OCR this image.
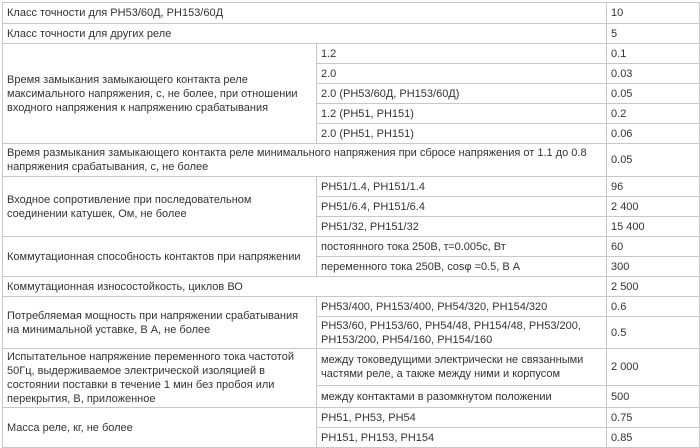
Класс точности для РН53/60Д, РН153/60Д		10
Класс точности для других реле		5
Время замыкания замыкающего контакта реле максимального напряжения, с, не более, при отношении входного напряжения к напряжению срабатывания	1.2	0.1
	2.0	0.03
	2.0 (РН53/60Д, РН153/60Д)	0.05
	1.2 (РН51, РН151)	0.2
	2.0 (РН51, РН151)	0.06
Время размыкания замыкающего контакта реле минимального напряжения при сбросе напряжения от 1.1 до 0.8 напряжения срабатывания, с, не более		0.05
Входное сопротивление при последовательном соединении катушек, Ом, не более	РН51/1.4, РН151/1.4	96
	РН51/6.4, РН151/6.4	2 400
	РН51/32, РН151/32	15 400
Коммутационная способность контактов при напряжении	постоянного тока 250В, τ=0.005с, Вт	60
	переменного тока 250В, cosφ =0.5, В А	300
Коммутационная износостойкость, циклов ВО		2 500
Потребляемая мощность при напряжении срабатывания на минимальной уставке, В А, не более	РН53/400, РН153/400, РН54/320, РН154/320	0.6
	РН53/60, РН153/60, РН54/48, РН154/48, РН53/200, РН153/200, РН54/160, РН154/160	0.5
Испытательное напряжение переменного тока частотой 50Гц, выдерживаемое электрической изоляцией в состоянии поставки в течение 1 мин без пробоя или перекрытия, В, приложенное	между токоведущими электрически не связанными частями реле, а также между ними и корпусом	2 000
	между контактами в разомкнутом положении	500
Масса реле, кг, не более	РН51, РН53, РН54	0.75
	РН151, РН153, РН154	0.85
